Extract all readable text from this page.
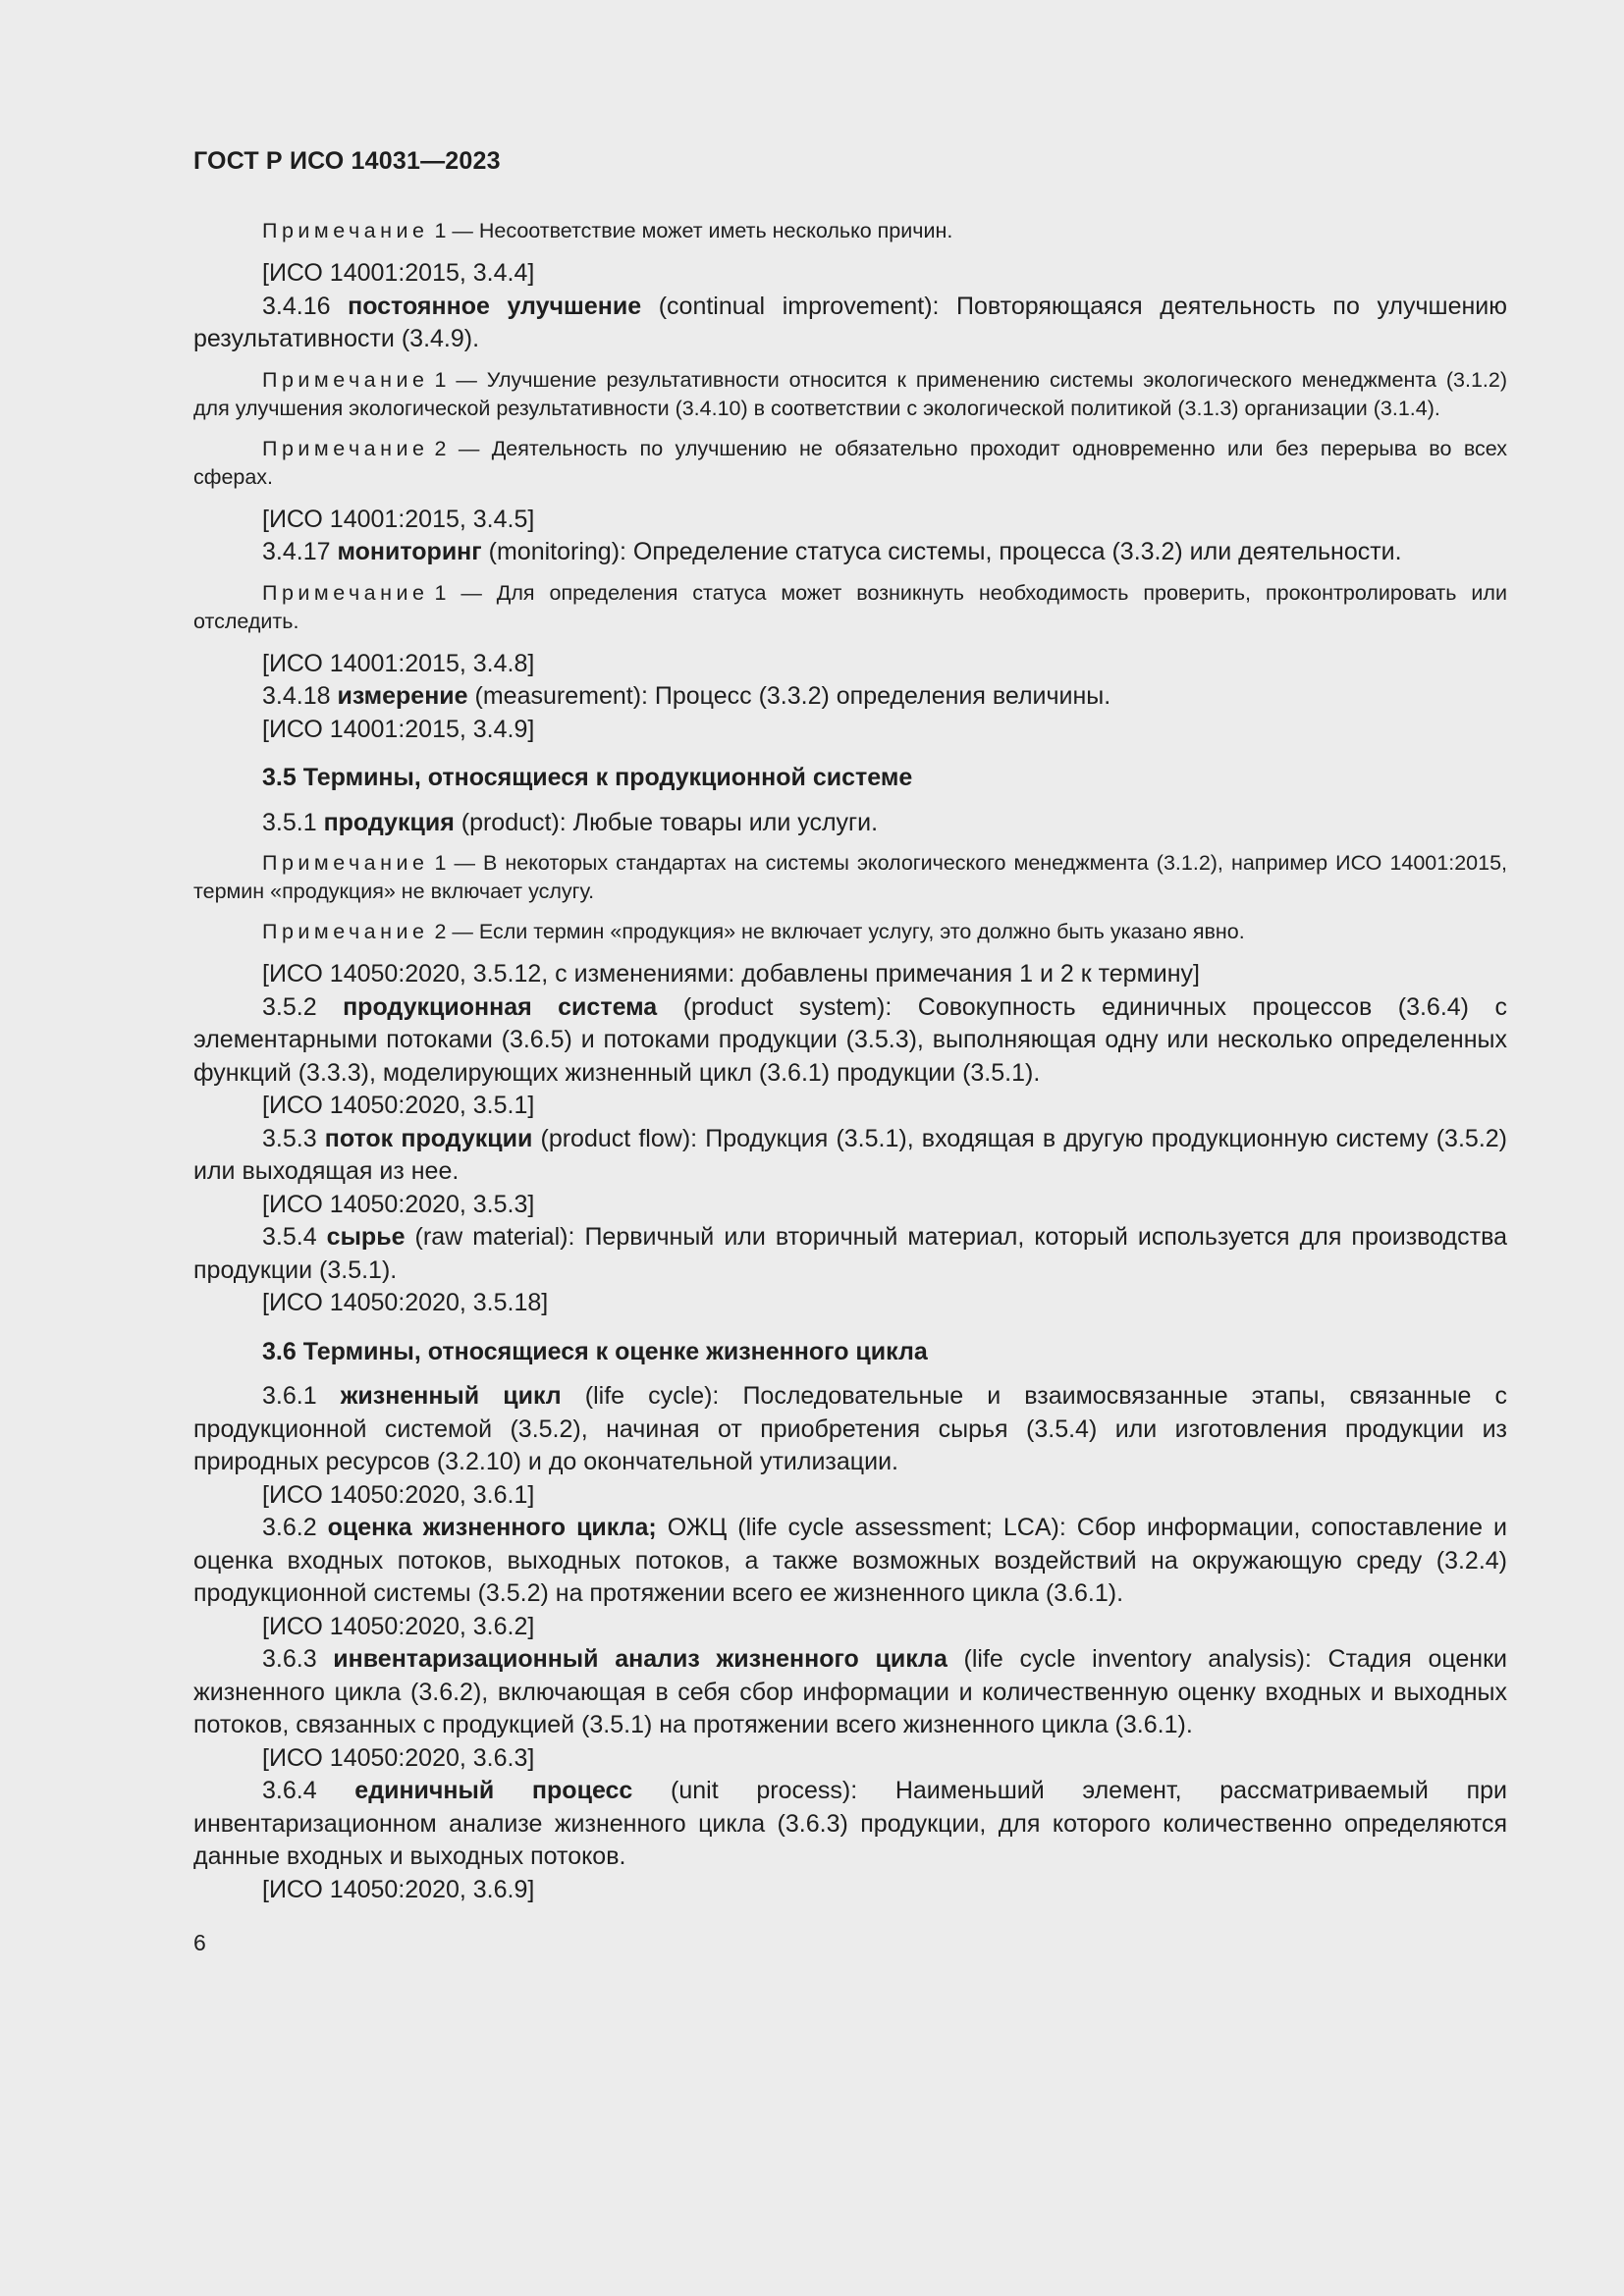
ГОСТ Р ИСО 14031—2023

Примечание 1 — Несоответствие может иметь несколько причин.

[ИСО 14001:2015, 3.4.4]

3.4.16 постоянное улучшение (continual improvement): Повторяющаяся деятельность по улучшению результативности (3.4.9).

Примечание 1 — Улучшение результативности относится к применению системы экологического менеджмента (3.1.2) для улучшения экологической результативности (3.4.10) в соответствии с экологической политикой (3.1.3) организации (3.1.4).

Примечание 2 — Деятельность по улучшению не обязательно проходит одновременно или без перерыва во всех сферах.

[ИСО 14001:2015, 3.4.5]

3.4.17 мониторинг (monitoring): Определение статуса системы, процесса (3.3.2) или деятельности.

Примечание 1 — Для определения статуса может возникнуть необходимость проверить, проконтролировать или отследить.

[ИСО 14001:2015, 3.4.8]

3.4.18 измерение (measurement): Процесс (3.3.2) определения величины.

[ИСО 14001:2015, 3.4.9]

3.5 Термины, относящиеся к продукционной системе

3.5.1 продукция (product): Любые товары или услуги.

Примечание 1 — В некоторых стандартах на системы экологического менеджмента (3.1.2), например ИСО 14001:2015, термин «продукция» не включает услугу.

Примечание 2 — Если термин «продукция» не включает услугу, это должно быть указано явно.

[ИСО 14050:2020, 3.5.12, с изменениями: добавлены примечания 1 и 2 к термину]

3.5.2 продукционная система (product system): Совокупность единичных процессов (3.6.4) с элементарными потоками (3.6.5) и потоками продукции (3.5.3), выполняющая одну или несколько определенных функций (3.3.3), моделирующих жизненный цикл (3.6.1) продукции (3.5.1).

[ИСО 14050:2020, 3.5.1]

3.5.3 поток продукции (product flow): Продукция (3.5.1), входящая в другую продукционную систему (3.5.2) или выходящая из нее.

[ИСО 14050:2020, 3.5.3]

3.5.4 сырье (raw material): Первичный или вторичный материал, который используется для производства продукции (3.5.1).

[ИСО 14050:2020, 3.5.18]

3.6 Термины, относящиеся к оценке жизненного цикла

3.6.1 жизненный цикл (life cycle): Последовательные и взаимосвязанные этапы, связанные с продукционной системой (3.5.2), начиная от приобретения сырья (3.5.4) или изготовления продукции из природных ресурсов (3.2.10) и до окончательной утилизации.

[ИСО 14050:2020, 3.6.1]

3.6.2 оценка жизненного цикла; ОЖЦ (life cycle assessment; LCA): Сбор информации, сопоставление и оценка входных потоков, выходных потоков, а также возможных воздействий на окружающую среду (3.2.4) продукционной системы (3.5.2) на протяжении всего ее жизненного цикла (3.6.1).

[ИСО 14050:2020, 3.6.2]

3.6.3 инвентаризационный анализ жизненного цикла (life cycle inventory analysis): Стадия оценки жизненного цикла (3.6.2), включающая в себя сбор информации и количественную оценку входных и выходных потоков, связанных с продукцией (3.5.1) на протяжении всего жизненного цикла (3.6.1).

[ИСО 14050:2020, 3.6.3]

3.6.4 единичный процесс (unit process): Наименьший элемент, рассматриваемый при инвентаризационном анализе жизненного цикла (3.6.3) продукции, для которого количественно определяются данные входных и выходных потоков.

[ИСО 14050:2020, 3.6.9]

6
